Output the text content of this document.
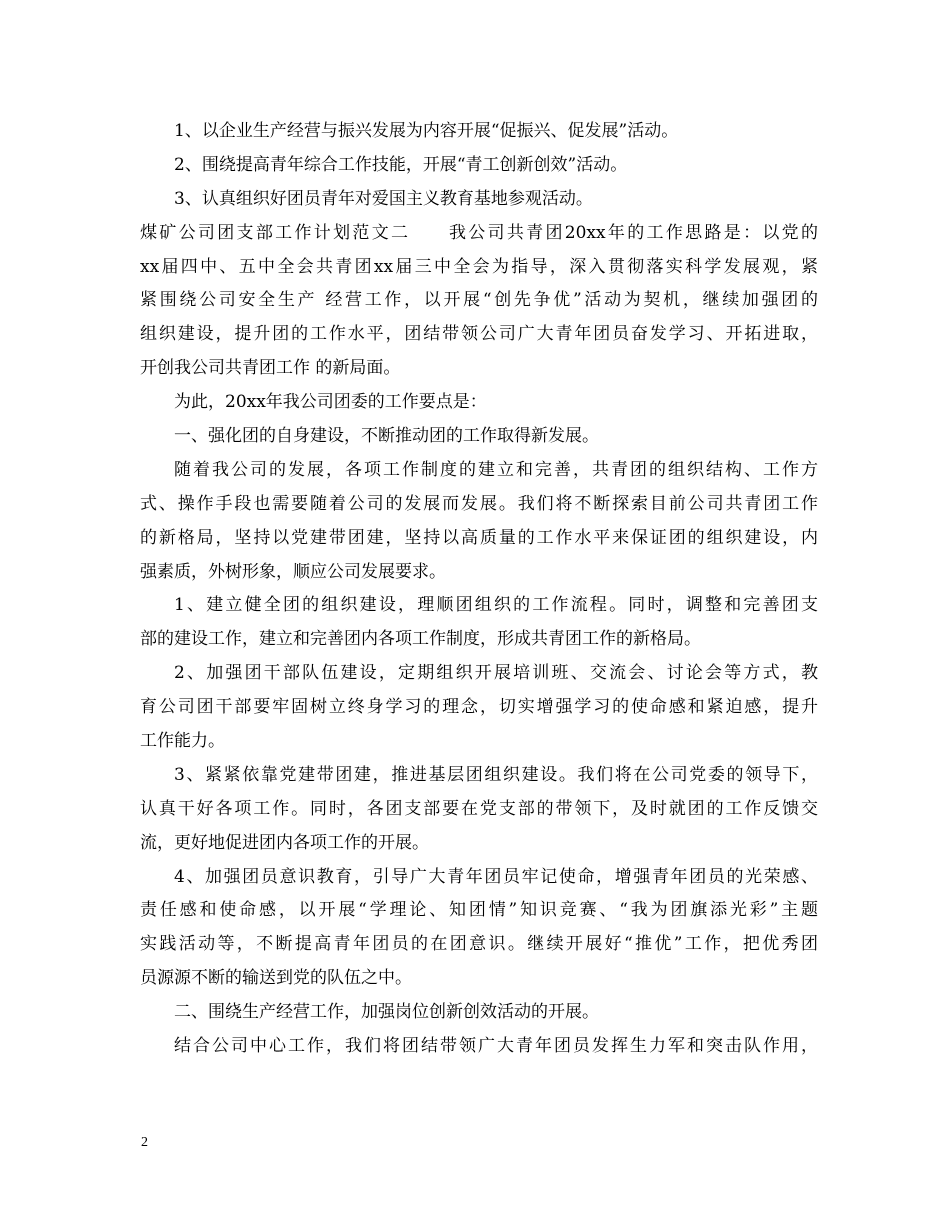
1、以企业生产经营与振兴发展为内容开展“促振兴、促发展”活动。
2、围绕提高青年综合工作技能，开展“青工创新创效”活动。
3、认真组织好团员青年对爱国主义教育基地参观活动。
煤矿公司团支部工作计划范文二　　我公司共青团20xx年的工作思路是：以党的
xx届四中、五中全会共青团xx届三中全会为指导，深入贯彻落实科学发展观，紧
紧围绕公司安全生产 经营工作，以开展“创先争优”活动为契机，继续加强团的
组织建设，提升团的工作水平，团结带领公司广大青年团员奋发学习、开拓进取，
开创我公司共青团工作 的新局面。
为此，20xx年我公司团委的工作要点是：
一、强化团的自身建设，不断推动团的工作取得新发展。
随着我公司的发展，各项工作制度的建立和完善，共青团的组织结构、工作方
式、操作手段也需要随着公司的发展而发展。我们将不断探索目前公司共青团工作
的新格局，坚持以党建带团建，坚持以高质量的工作水平来保证团的组织建设，内
强素质，外树形象，顺应公司发展要求。
1、建立健全团的组织建设，理顺团组织的工作流程。同时，调整和完善团支
部的建设工作，建立和完善团内各项工作制度，形成共青团工作的新格局。
2、加强团干部队伍建设，定期组织开展培训班、交流会、讨论会等方式，教
育公司团干部要牢固树立终身学习的理念，切实增强学习的使命感和紧迫感，提升
工作能力。
3、紧紧依靠党建带团建，推进基层团组织建设。我们将在公司党委的领导下，
认真干好各项工作。同时，各团支部要在党支部的带领下，及时就团的工作反馈交
流，更好地促进团内各项工作的开展。
4、加强团员意识教育，引导广大青年团员牢记使命，增强青年团员的光荣感、
责任感和使命感，以开展“学理论、知团情”知识竞赛、“我为团旗添光彩”主题
实践活动等，不断提高青年团员的在团意识。继续开展好“推优”工作，把优秀团
员源源不断的输送到党的队伍之中。
二、围绕生产经营工作，加强岗位创新创效活动的开展。
结合公司中心工作，我们将团结带领广大青年团员发挥生力军和突击队作用，
2
